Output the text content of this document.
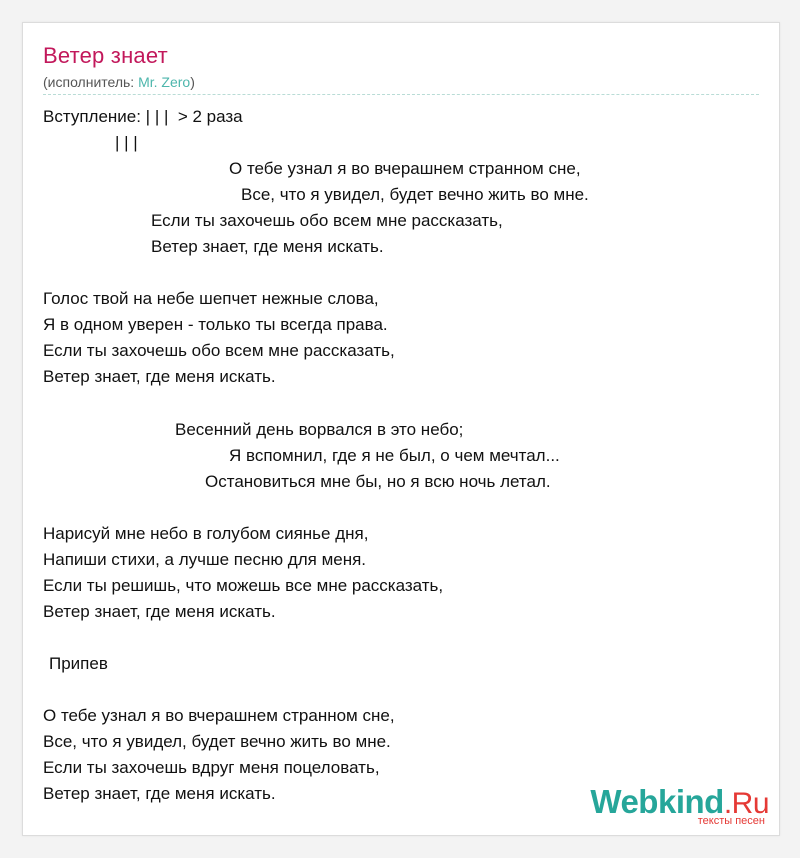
Ветер знает
(исполнитель: Mr. Zero)
Вступление: | | |  > 2 раза
| | |
О тебе узнал я во вчерашнем странном сне,
Все, что я увидел, будет вечно жить во мне.
Если ты захочешь обо всем мне рассказать,
Ветер знает, где меня искать.
Голос твой на небе шепчет нежные слова,
Я в одном уверен - только ты всегда права.
Если ты захочешь обо всем мне рассказать,
Ветер знает, где меня искать.
Весенний день ворвался в это небо;
Я вспомнил, где я не был, о чем мечтал...
Остановиться мне бы, но я всю ночь летал.
Нарисуй мне небо в голубом сиянье дня,
Напиши стихи, а лучше песню для меня.
Если ты решишь, что можешь все мне рассказать,
Ветер знает, где меня искать.
Припев
О тебе узнал я во вчерашнем странном сне,
Все, что я увидел, будет вечно жить во мне.
Если ты захочешь вдруг меня поцеловать,
Ветер знает, где меня искать.	Webkind.Ru
тексты песен
